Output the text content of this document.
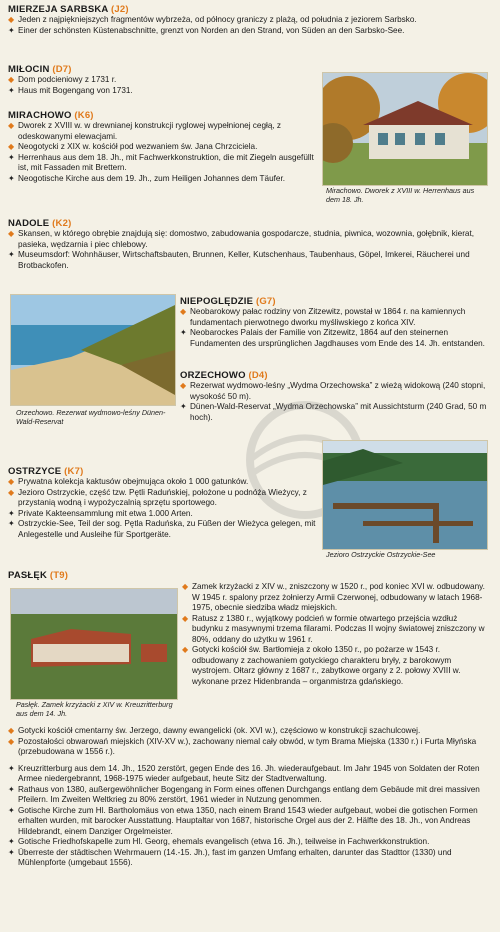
MIERZEJA SARBSKA (J2)
◆ Jeden z najpiękniejszych fragmentów wybrzeża, od północy graniczy z plażą, od południa z jeziorem Sarbsko.
✦ Einer der schönsten Küstenabschnitte, grenzt von Norden an den Strand, von Süden an den Sarbsko-See.
MIŁOCIN (D7)
◆ Dom podcieniowy z 1731 r.
✦ Haus mit Bogengang von 1731.
MIRACHOWO (K6)
◆ Dworek z XVIII w. w drewnianej konstrukcji ryglowej wypełnionej cegłą, z odeskowanymi elewacjami.
◆ Neogotycki z XIX w. kościół pod wezwaniem św. Jana Chrzciciela.
✦ Herrenhaus aus dem 18. Jh., mit Fachwerkkonstruktion, die mit Ziegeln ausgefüllt ist, mit Fassaden mit Brettern.
✦ Neogotische Kirche aus dem 19. Jh., zum Heiligen Johannes dem Täufer.
Mirachowo. Dworek z XVIII w. Herrenhaus aus dem 18. Jh.
NADOLE (K2)
◆ Skansen, w którego obrębie znajdują się: domostwo, zabudowania gospodarcze, studnia, piwnica, wozownia, gołębnik, kierat, pasieka, wędzarnia i piec chlebowy.
✦ Museumsdorf: Wohnhäuser, Wirtschaftsbauten, Brunnen, Keller, Kutschenhaus, Taubenhaus, Göpel, Imkerei, Räucherei und Brotbackofen.
Orzechowo. Rezerwat wydmowo-leśny Dünen-Wald-Reservat
NIEPOGLĘDZIE (G7)
◆ Neobarokowy pałac rodziny von Zitzewitz, powstał w 1864 r. na kamiennych fundamentach pierwotnego dworku myśliwskiego z końca XIV.
✦ Neobarockes Palais der Familie von Zitzewitz, 1864 auf den steinernen Fundamenten des ursprünglichen Jagdhauses vom Ende des 14. Jh. entstanden.
ORZECHOWO (D4)
◆ Rezerwat wydmowo-leśny „Wydma Orzechowska” z wieżą widokową (240 stopni, wysokość 50 m).
✦ Dünen-Wald-Reservat „Wydma Orzechowska” mit Aussichtsturm (240 Grad, 50 m hoch).
OSTRZYCE (K7)
◆ Prywatna kolekcja kaktusów obejmująca około 1 000 gatunków.
◆ Jezioro Ostrzyckie, część tzw. Pętli Raduńskiej, położone u podnóża Wieżycy, z przystanią wodną i wypożyczalnią sprzętu sportowego.
✦ Private Kakteensammlung mit etwa 1.000 Arten.
✦ Ostrzyckie-See, Teil der sog. Pętla Raduńska, zu Füßen der Wieżyca gelegen, mit Anlegestelle und Ausleihe für Sportgeräte.
Jezioro Ostrzyckie Ostrzyckie-See
PASŁĘK (T9)
Pasłęk. Zamek krzyżacki z XIV w. Kreuzritterburg aus dem 14. Jh.
◆ Zamek krzyżacki z XIV w., zniszczony w 1520 r., pod koniec XVI w. odbudowany. W 1945 r. spalony przez żołnierzy Armii Czerwonej, odbudowany w latach 1968-1975, obecnie siedziba władz miejskich.
◆ Ratusz z 1380 r., wyjątkowy podcień w formie otwartego przejścia wzdłuż budynku z masywnymi trzema filarami. Podczas II wojny światowej zniszczony w 80%, oddany do użytku w 1961 r.
◆ Gotycki kościół św. Bartłomieja z około 1350 r., po pożarze w 1543 r. odbudowany z zachowaniem gotyckiego charakteru bryły, z barokowym wystrojem. Ołtarz główny z 1687 r., zabytkowe organy z 2. połowy XVIII w. wykonane przez Hidenbranda – organmistrza gdańskiego.
◆ Gotycki kościół cmentarny św. Jerzego, dawny ewangelicki (ok. XVI w.), częściowo w konstrukcji szachulcowej.
◆ Pozostałości obwarowań miejskich (XIV-XV w.), zachowany niemal cały obwód, w tym Brama Miejska (1330 r.) i Furta Młyńska (przebudowana w 1556 r.).
✦ Kreuzritterburg aus dem 14. Jh., 1520 zerstört, gegen Ende des 16. Jh. wiederaufgebaut. Im Jahr 1945 von Soldaten der Roten Armee niedergebrannt, 1968-1975 wieder aufgebaut, heute Sitz der Stadtverwaltung.
✦ Rathaus von 1380, außergewöhnlicher Bogengang in Form eines offenen Durchgangs entlang dem Gebäude mit drei massiven Pfeilern. Im Zweiten Weltkrieg zu 80% zerstört, 1961 wieder in Nutzung genommen.
✦ Gotische Kirche zum Hl. Bartholomäus von etwa 1350, nach einem Brand 1543 wieder aufgebaut, wobei die gotischen Formen erhalten wurden, mit barocker Ausstattung. Hauptaltar von 1687, historische Orgel aus der 2. Hälfte des 18. Jh., von Andreas Hildebrandt, einem Danziger Orgelmeister.
✦ Gotische Friedhofskapelle zum Hl. Georg, ehemals evangelisch (etwa 16. Jh.), teilweise in Fachwerkkonstruktion.
✦ Überreste der städtischen Wehrmauern (14.-15. Jh.), fast im ganzen Umfang erhalten, darunter das Stadttor (1330) und Mühlenpforte (umgebaut 1556).
